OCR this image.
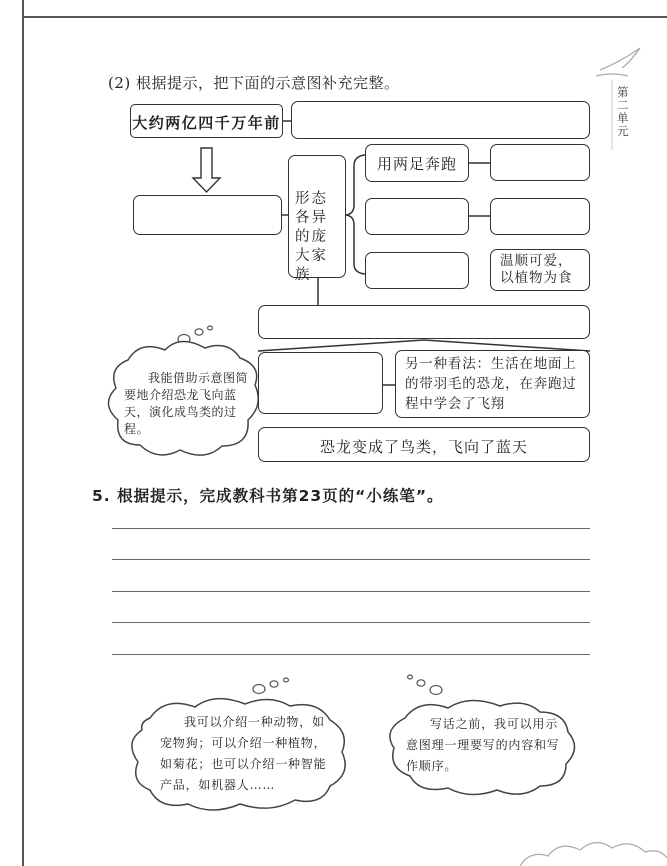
第二单元
(2) 根据提示，把下面的示意图补充完整。
大约两亿四千万年前
形态各异的庞大家族
用两足奔跑
温顺可爱，以植物为食
另一种看法：生活在地面上的带羽毛的恐龙，在奔跑过程中学会了飞翔
恐龙变成了鸟类，飞向了蓝天
我能借助示意图简要地介绍恐龙飞向蓝天，演化成鸟类的过程。
5. 根据提示，完成教科书第23页的“小练笔”。
我可以介绍一种动物，如宠物狗；可以介绍一种植物，如菊花；也可以介绍一种智能产品，如机器人……
写话之前，我可以用示意图理一理要写的内容和写作顺序。
